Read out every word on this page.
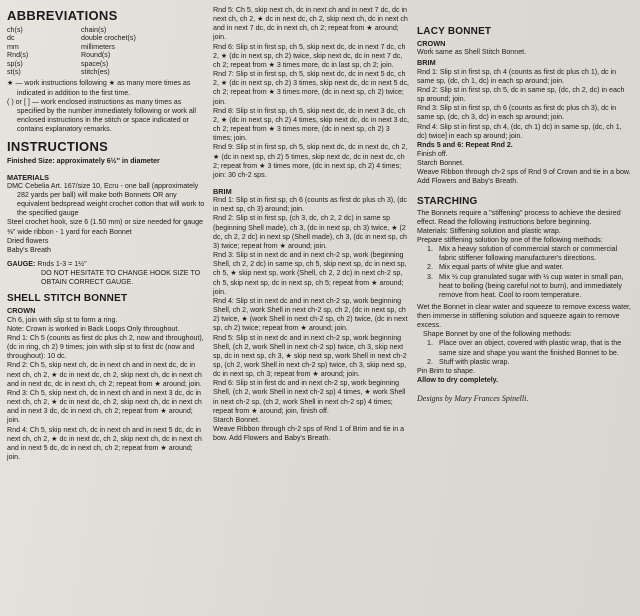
ABBREVIATIONS
ch(s)	chain(s)
dc	double crochet(s)
mm	millimeters
Rnd(s)	Round(s)
sp(s)	space(s)
st(s)	stitch(es)

★ — work instructions following ★ as many more times as indicated in addition to the first time.

( ) or [ ] — work enclosed instructions as many times as specified by the number immediately following or work all enclosed instructions in the stitch or space indicated or contains explanatory remarks.

INSTRUCTIONS

Finished Size: approximately 6½" in diameter

MATERIALS

DMC Cebelia Art. 167/size 10, Ecru - one ball (approximately 282 yards per ball) will make both Bonnets OR any equivalent bedspread weight crochet cotton that will work to the specified gauge

Steel crochet hook, size 6 (1.50 mm) or size needed for gauge

⅜" wide ribbon - 1 yard for each Bonnet

Dried flowers

Baby's Breath

GAUGE: Rnds 1-3 = 1½"

DO NOT HESITATE TO CHANGE HOOK SIZE TO OBTAIN CORRECT GAUGE.

SHELL STITCH BONNET
CROWN

Ch 6, join with slip st to form a ring.

Note: Crown is worked in Back Loops Only throughout.

Rnd 1: Ch 5 (counts as first dc plus ch 2, now and throughout), (dc in ring, ch 2) 9 times; join with slip st to first dc (now and throughout): 10 dc.

Rnd 2: Ch 5, skip next ch, dc in next ch and in next dc, dc in next ch, ch 2, ★ dc in next dc, ch 2, skip next ch, dc in next ch and in next dc, dc in next ch, ch 2; repeat from ★ around; join.

Rnd 3: Ch 5, skip next ch, dc in next ch and in next 3 dc, dc in next ch, ch 2, ★ dc in next dc, ch 2, skip next ch, dc in next ch and in next 3 dc, dc in next ch, ch 2; repeat from ★ around; join.

Rnd 4: Ch 5, skip next ch, dc in next ch and in next 5 dc, dc in next ch, ch 2, ★ dc in next dc, ch 2, skip next ch, dc in next ch and in next 5 dc, dc in next ch, ch 2; repeat from ★ around; join.

Rnd 5: Ch 5, skip next ch, dc in next ch and in next 7 dc, dc in next ch, ch 2, ★ dc in next dc, ch 2, skip next ch, dc in next ch and in next 7 dc, dc in next ch, ch 2; repeat from ★ around; join.

Rnd 6: Slip st in first sp, ch 5, skip next dc, dc in next 7 dc, ch 2, ★ (dc in next sp, ch 2) twice, skip next dc, dc in next 7 dc, ch 2; repeat from ★ 3 times more, dc in last sp, ch 2; join.

Rnd 7: Slip st in first sp, ch 5, skip next dc, dc in next 5 dc, ch 2, ★ (dc in next sp, ch 2) 3 times, skip next dc, dc in next 5 dc, ch 2; repeat from ★ 3 times more, (dc in next sp, ch 2) twice; join.

Rnd 8: Slip st in first sp, ch 5, skip next dc, dc in next 3 dc, ch 2, ★ (dc in next sp, ch 2) 4 times, skip next dc, dc in next 3 dc, ch 2; repeat from ★ 3 times more, (dc in next sp, ch 2) 3 times; join.

Rnd 9: Slip st in first sp, ch 5, skip next dc, dc in next dc, ch 2, ★ (dc in next sp, ch 2) 5 times, skip next dc, dc in next dc, ch 2; repeat from ★ 3 times more, (dc in next sp, ch 2) 4 times; join: 30 ch-2 sps.

BRIM

Rnd 1: Slip st in first sp, ch 6 (counts as first dc plus ch 3), (dc in next sp, ch 3) around; join.

Rnd 2: Slip st in first sp, (ch 3, dc, ch 2, 2 dc) in same sp (beginning Shell made), ch 3, (dc in next sp, ch 3) twice, ★ (2 dc, ch 2, 2 dc) in next sp (Shell made), ch 3, (dc in next sp, ch 3) twice; repeat from ★ around; join.

Rnd 3: Slip st in next dc and in next ch-2 sp, work (beginning Shell, ch 2, 2 dc) in same sp, ch 5, skip next sp, dc in next sp, ch 5, ★ skip next sp, work (Shell, ch 2, 2 dc) in next ch-2 sp, ch 5, skip next sp, dc in next sp, ch 5; repeat from ★ around; join.

Rnd 4: Slip st in next dc and in next ch-2 sp, work beginning Shell, ch 2, work Shell in next ch-2 sp, ch 2, (dc in next sp, ch 2) twice, ★ (work Shell in next ch-2 sp, ch 2) twice, (dc in next sp, ch 2) twice; repeat from ★ around; join.

Rnd 5: Slip st in next dc and in next ch-2 sp, work beginning Shell, (ch 2, work Shell in next ch-2 sp) twice, ch 3, skip next sp, dc in next sp, ch 3, ★ skip next sp, work Shell in next ch-2 sp, (ch 2, work Shell in next ch-2 sp) twice, ch 3, skip next sp, dc in next sp, ch 3; repeat from ★ around; join.

Rnd 6: Slip st in first dc and in next ch-2 sp, work beginning Shell, (ch 2, work Shell in next ch-2 sp) 4 times, ★ work Shell in next ch-2 sp, (ch 2, work Shell in next ch-2 sp) 4 times; repeat from ★ around; join, finish off.

Starch Bonnet.

Weave Ribbon through ch-2 sps of Rnd 1 of Brim and tie in a bow. Add Flowers and Baby's Breath.

LACY BONNET
CROWN

Work same as Shell Stitch Bonnet.

BRIM

Rnd 1: Slip st in first sp, ch 4 (counts as first dc plus ch 1), dc in same sp, (dc, ch 1, dc) in each sp around; join.

Rnd 2: Slip st in first sp, ch 5, dc in same sp, (dc, ch 2, dc) in each sp around; join.

Rnd 3: Slip st in first sp, ch 6 (counts as first dc plus ch 3), dc in same sp, (dc, ch 3, dc) in each sp around; join.

Rnd 4: Slip st in first sp, ch 4, (dc, ch 1) dc) in same sp, (dc, ch 1, dc) twice] in each sp around; join.

Rnds 5 and 6: Repeat Rnd 2.

Finish off.

Starch Bonnet.

Weave Ribbon through ch-2 sps of Rnd 9 of Crown and tie in a bow. Add Flowers and Baby's Breath.

STARCHING

The Bonnets require a "stiffening" process to achieve the desired effect. Read the following instructions before beginning.

Materials: Stiffening solution and plastic wrap.

Prepare stiffening solution by one of the following methods:

1. Mix a heavy solution of commercial starch or commercial fabric stiffener following manufacturer's directions.
2. Mix equal parts of white glue and water.
3. Mix ½ cup granulated sugar with ½ cup water in small pan, heat to boiling (being careful not to burn), and immediately remove from heat. Cool to room temperature.

Wet the Bonnet in clear water and squeeze to remove excess water, then immerse in stiffening solution and squeeze again to remove excess.

Shape Bonnet by one of the following methods:

1. Place over an object, covered with plastic wrap, that is the same size and shape you want the finished Bonnet to be.
2. Stuff with plastic wrap.

Pin Brim to shape.

Allow to dry completely.

Designs by Mary Frances Spinelli.
